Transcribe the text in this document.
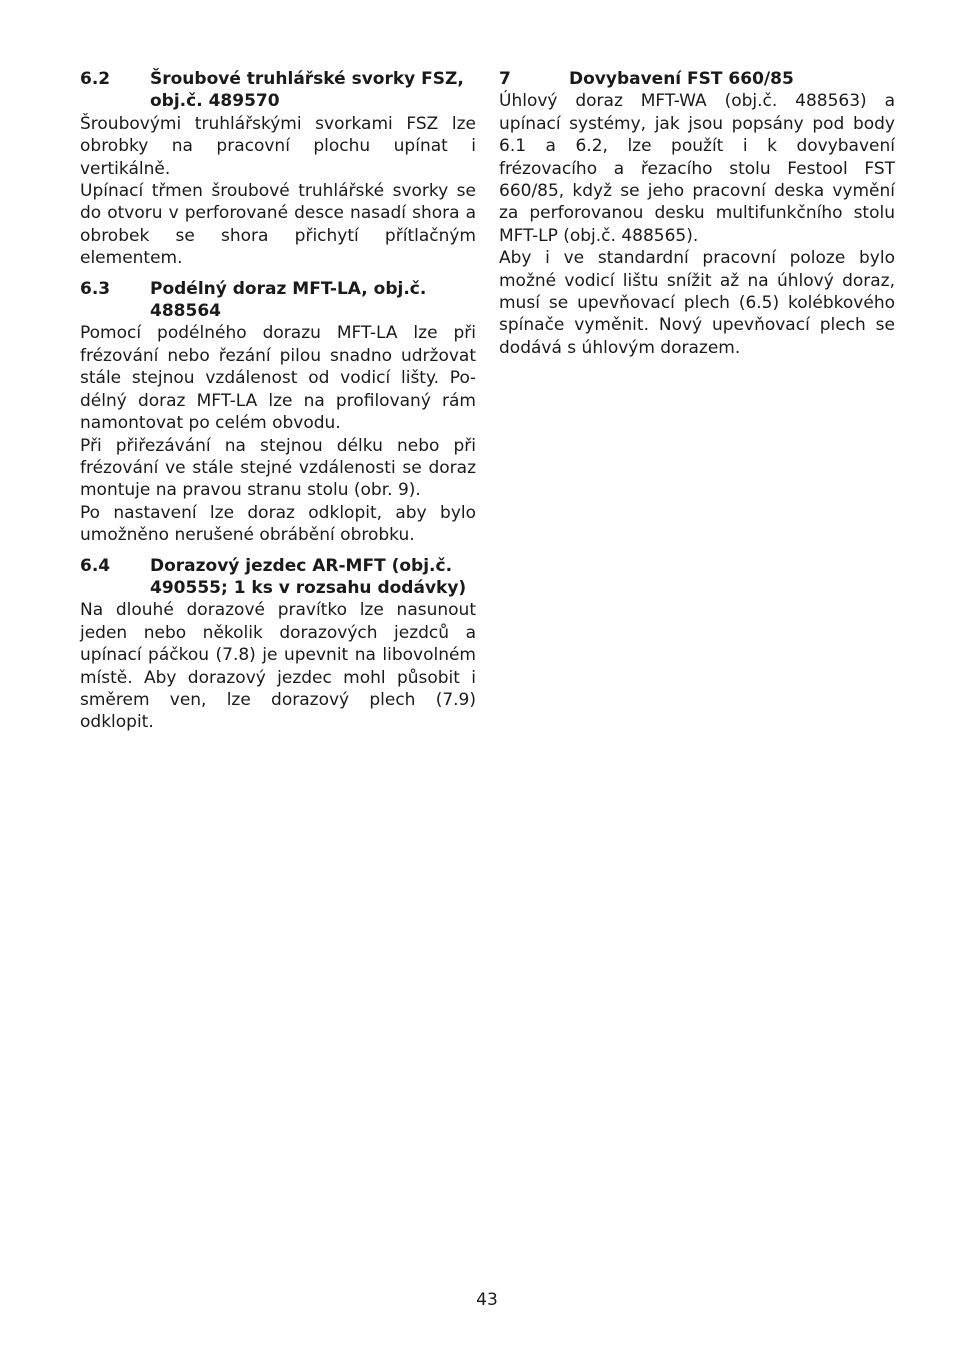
6.2	Šroubové truhlářské svorky FSZ, obj.č. 489570

Šroubovými truhlářskými svorkami FSZ lze obrobky na pracovní plochu upínat i vertikálně.

Upínací třmen šroubové truhlářské svorky se do otvoru v perforované desce nasadí shora a obrobek se shora přichytí přítlačným elementem.

6.3	Podélný doraz MFT-LA, obj.č. 488564

Pomocí podélného dorazu MFT-LA lze při frézování nebo řezání pilou snadno udržovat stále stejnou vzdálenost od vodicí lišty. Podélný doraz MFT-LA lze na profilovaný rám namontovat po celém obvodu.

Při přiřezávání na stejnou délku nebo při frézování ve stále stejné vzdálenosti se doraz montuje na pravou stranu stolu (obr. 9).

Po nastavení lze doraz odklopit, aby bylo umožněno nerušené obrábění obrobku.

6.4	Dorazový jezdec AR-MFT (obj.č. 490555; 1 ks v rozsahu dodávky)

Na dlouhé dorazové pravítko lze nasunout jeden nebo několik dorazových jezdců a upínací páčkou (7.8) je upevnit na libovolném místě. Aby dorazový jezdec mohl působit i směrem ven, lze dorazový plech (7.9) odklopit.

7	Dovybavení FST 660/85

Úhlový doraz MFT-WA (obj.č. 488563) a upínací systémy, jak jsou popsány pod body 6.1 a 6.2, lze použít i k dovybavení frézovacího a řezacího stolu Festool FST 660/85, když se jeho pracovní deska vymění za perforovanou desku multifunkčního stolu MFT-LP (obj.č. 488565).

Aby i ve standardní pracovní poloze bylo možné vodicí lištu snížit až na úhlový doraz, musí se upevňovací plech (6.5) kolébkového spínače vyměnit. Nový upevňovací plech se dodává s úhlovým dorazem.

43
